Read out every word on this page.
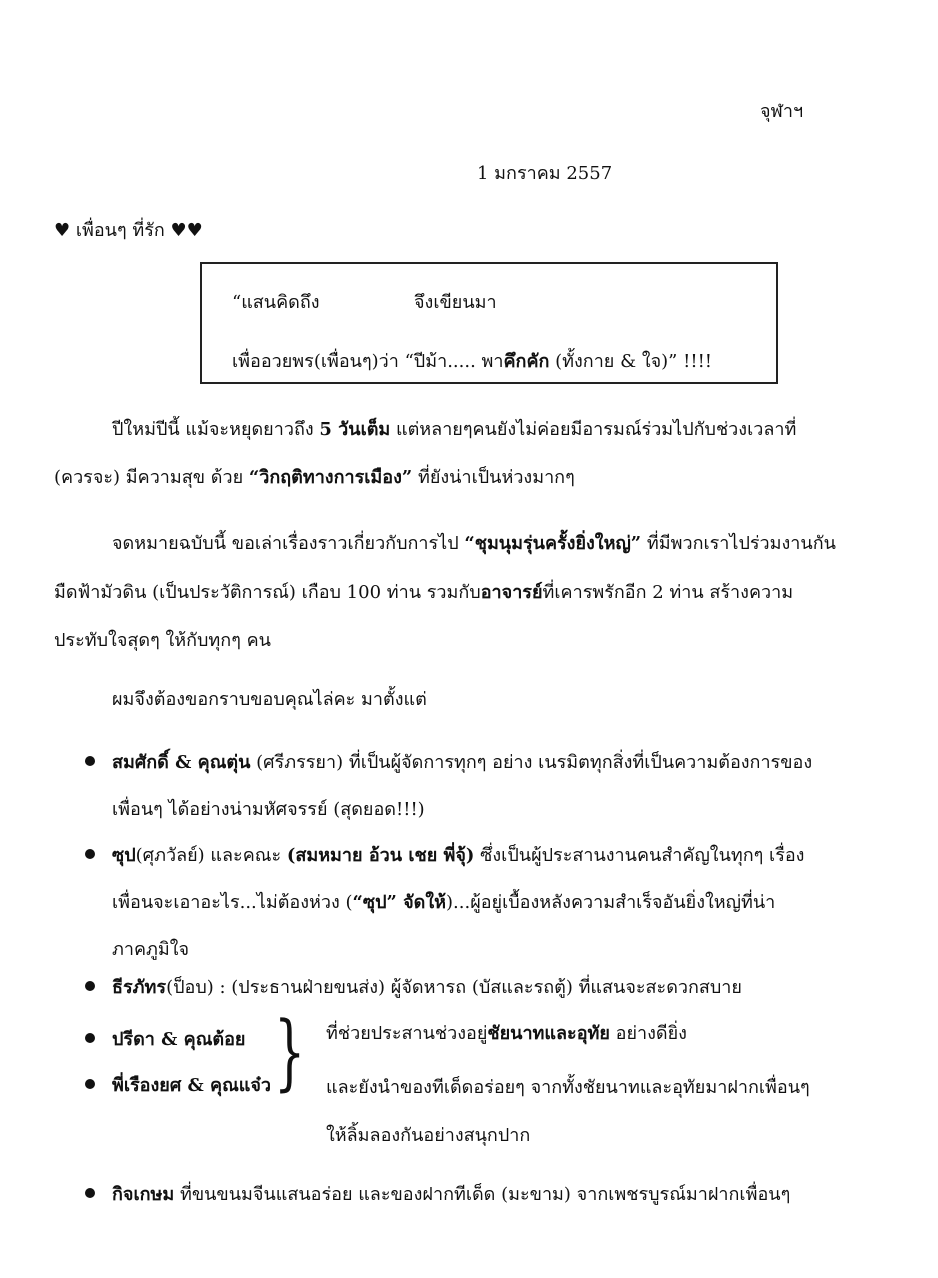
จุฬาฯ
1 มกราคม 2557
♥ เพื่อนๆ ที่รัก ♥♥
“แสนคิดถึง	จึงเขียนมา
เพื่ออวยพร(เพื่อนๆ)ว่า “ปีม้า..... พาคึกคัก (ทั้งกาย & ใจ)” !!!!
ปีใหม่ปีนี้ แม้จะหยุดยาวถึง 5 วันเต็ม แต่หลายๆคนยังไม่ค่อยมีอารมณ์ร่วมไปกับช่วงเวลาที่
(ควรจะ) มีความสุข ด้วย “วิกฤติทางการเมือง” ที่ยังน่าเป็นห่วงมากๆ
จดหมายฉบับนี้ ขอเล่าเรื่องราวเกี่ยวกับการไป “ชุมนุมรุ่นครั้งยิ่งใหญ่” ที่มีพวกเราไปร่วมงานกัน
มืดฟ้ามัวดิน (เป็นประวัติการณ์) เกือบ 100 ท่าน รวมกับอาจารย์ที่เคารพรักอีก 2 ท่าน สร้างความ
ประทับใจสุดๆ ให้กับทุกๆ คน
ผมจึงต้องขอกราบขอบคุณไล่คะ มาตั้งแต่
สมศักดิ์ & คุณตุ่น (ศรีภรรยา) ที่เป็นผู้จัดการทุกๆ อย่าง เนรมิตทุกสิ่งที่เป็นความต้องการของ
เพื่อนๆ ได้อย่างน่ามหัศจรรย์ (สุดยอด!!!)
ซุป(ศุภวัลย์) และคณะ (สมหมาย อ้วน เชย พี่จุ้) ซึ่งเป็นผู้ประสานงานคนสำคัญในทุกๆ เรื่อง
เพื่อนจะเอาอะไร...ไม่ต้องห่วง (“ซุป” จัดให้)...ผู้อยู่เบื้องหลังความสำเร็จอันยิ่งใหญ่ที่น่า
ภาคภูมิใจ
ธีรภัทร(ป็อบ) : (ประธานฝ่ายขนส่ง) ผู้จัดหารถ (บัสและรถตู้) ที่แสนจะสะดวกสบาย
ปรีดา & คุณต้อย
พี่เรืองยศ & คุณแจ๋ว } ที่ช่วยประสานช่วงอยู่ชัยนาทและอุทัย อย่างดียิ่ง
และยังนำของทีเด็ดอร่อยๆ จากทั้งชัยนาทและอุทัยมาฝากเพื่อนๆ
ให้ลิ้มลองกันอย่างสนุกปาก
กิจเกษม ที่ขนขนมจีนแสนอร่อย และของฝากทีเด็ด (มะขาม) จากเพชรบูรณ์มาฝากเพื่อนๆ
